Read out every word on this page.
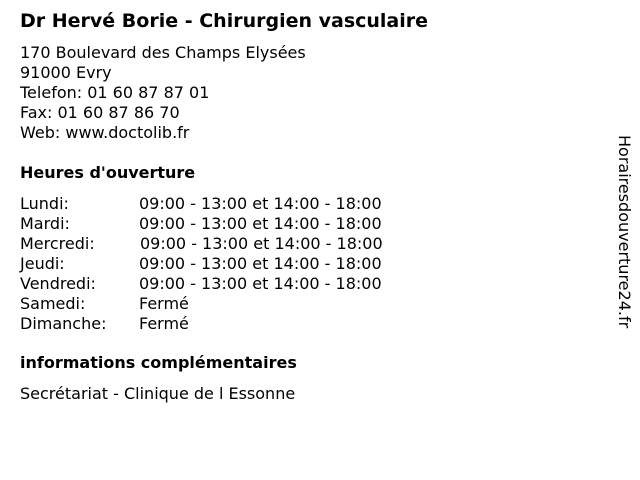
Dr Hervé Borie - Chirurgien vasculaire
170 Boulevard des Champs Elysées
91000 Evry
Telefon: 01 60 87 87 01
Fax: 01 60 87 86 70
Web: www.doctolib.fr
Heures d'ouverture
Lundi:	09:00 - 13:00 et 14:00 - 18:00
Mardi:	09:00 - 13:00 et 14:00 - 18:00
Mercredi:	09:00 - 13:00 et 14:00 - 18:00
Jeudi:	09:00 - 13:00 et 14:00 - 18:00
Vendredi:	09:00 - 13:00 et 14:00 - 18:00
Samedi:	Fermé
Dimanche:	Fermé
informations complémentaires
Secrétariat - Clinique de l Essonne
Horairesdouverture24.fr
